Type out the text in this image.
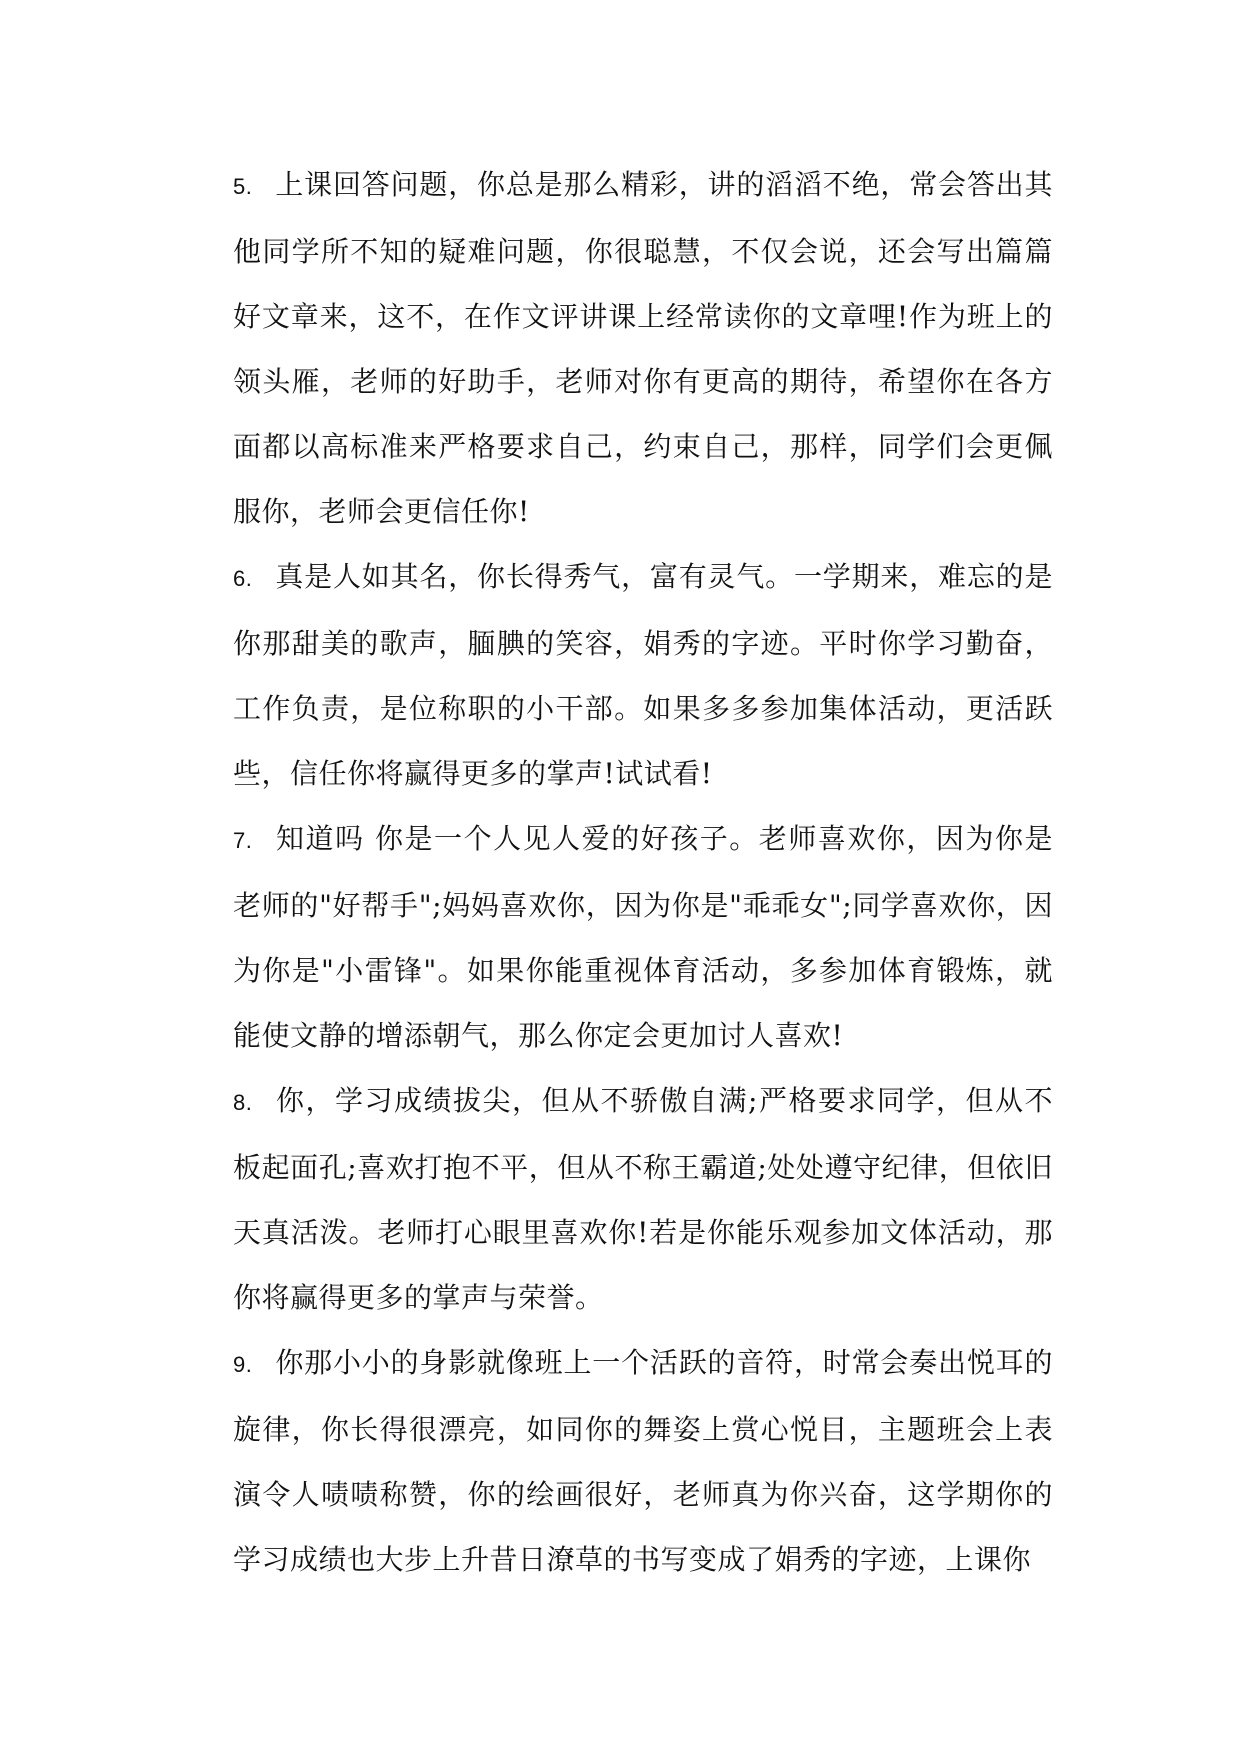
5. 上课回答问题，你总是那么精彩，讲的滔滔不绝，常会答出其他同学所不知的疑难问题，你很聪慧，不仅会说，还会写出篇篇好文章来，这不，在作文评讲课上经常读你的文章哩!作为班上的领头雁，老师的好助手，老师对你有更高的期待，希望你在各方面都以高标准来严格要求自己，约束自己，那样，同学们会更佩服你，老师会更信任你!

6. 真是人如其名，你长得秀气，富有灵气。一学期来，难忘的是你那甜美的歌声，腼腆的笑容，娟秀的字迹。平时你学习勤奋，工作负责，是位称职的小干部。如果多多参加集体活动，更活跃些，信任你将赢得更多的掌声!试试看!

7. 知道吗 你是一个人见人爱的好孩子。老师喜欢你，因为你是老师的"好帮手";妈妈喜欢你，因为你是"乖乖女";同学喜欢你，因为你是"小雷锋"。如果你能重视体育活动，多参加体育锻炼，就能使文静的增添朝气，那么你定会更加讨人喜欢!

8. 你，学习成绩拔尖，但从不骄傲自满;严格要求同学，但从不板起面孔;喜欢打抱不平，但从不称王霸道;处处遵守纪律，但依旧天真活泼。老师打心眼里喜欢你!若是你能乐观参加文体活动，那你将赢得更多的掌声与荣誉。

9. 你那小小的身影就像班上一个活跃的音符，时常会奏出悦耳的旋律，你长得很漂亮，如同你的舞姿上赏心悦目，主题班会上表演令人啧啧称赞，你的绘画很好，老师真为你兴奋，这学期你的学习成绩也大步上升昔日潦草的书写变成了娟秀的字迹，上课你
